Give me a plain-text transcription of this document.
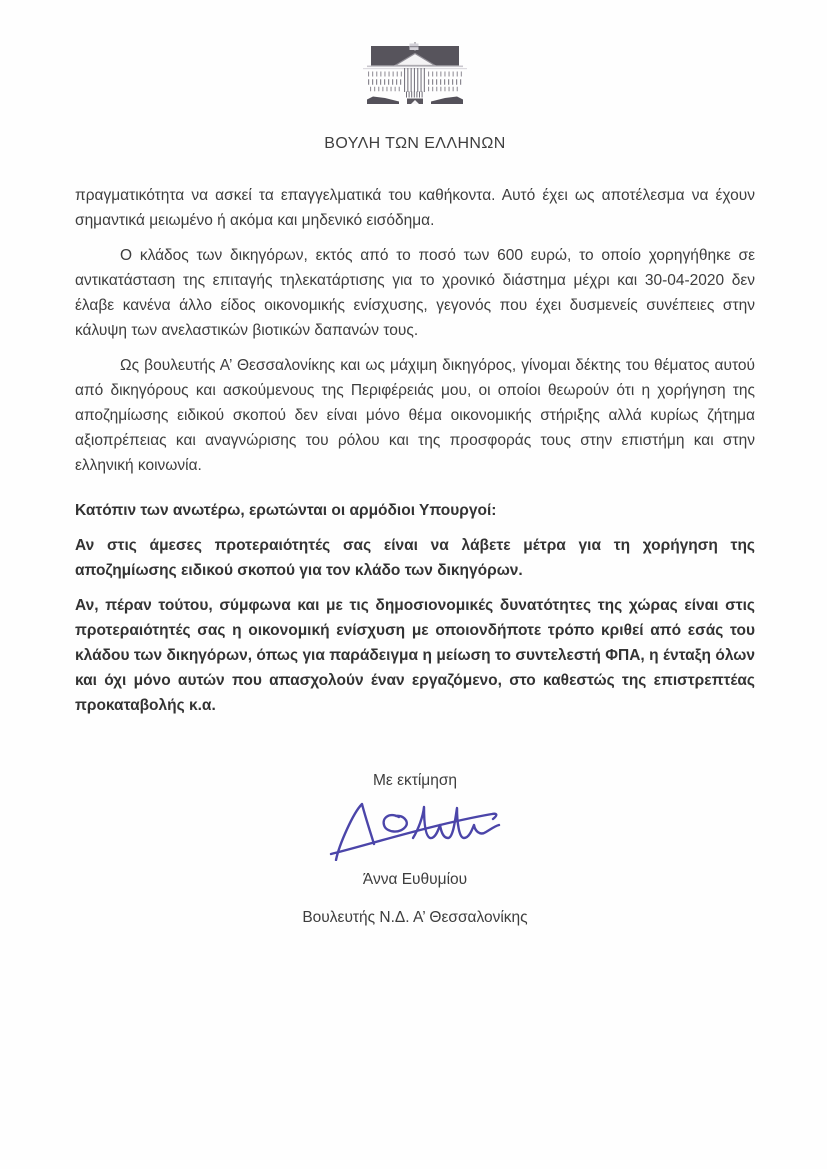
ΒΟΥΛΗ ΤΩΝ ΕΛΛΗΝΩΝ

πραγματικότητα να ασκεί τα επαγγελματικά του καθήκοντα. Αυτό έχει ως αποτέλεσμα να έχουν σημαντικά μειωμένο ή ακόμα και μηδενικό εισόδημα.

Ο κλάδος των δικηγόρων, εκτός από το ποσό των 600 ευρώ, το οποίο χορηγήθηκε σε αντικατάσταση της επιταγής τηλεκατάρτισης για το χρονικό διάστημα μέχρι και 30-04-2020 δεν έλαβε κανένα άλλο είδος οικονομικής ενίσχυσης, γεγονός που έχει δυσμενείς συνέπειες στην κάλυψη των ανελαστικών βιοτικών δαπανών τους.

Ως βουλευτής Α’ Θεσσαλονίκης και ως μάχιμη δικηγόρος, γίνομαι δέκτης του θέματος αυτού από δικηγόρους και ασκούμενους της Περιφέρειάς μου, οι οποίοι θεωρούν ότι η χορήγηση της αποζημίωσης ειδικού σκοπού δεν είναι μόνο θέμα οικονομικής στήριξης αλλά κυρίως ζήτημα αξιοπρέπειας και αναγνώρισης του ρόλου και της προσφοράς τους στην επιστήμη και στην ελληνική κοινωνία.

Κατόπιν των ανωτέρω, ερωτώνται οι αρμόδιοι Υπουργοί:

Αν στις άμεσες προτεραιότητές σας είναι να λάβετε μέτρα για τη χορήγηση της αποζημίωσης ειδικού σκοπού για τον κλάδο των δικηγόρων.

Αν, πέραν τούτου, σύμφωνα και με τις δημοσιονομικές δυνατότητες της χώρας είναι στις προτεραιότητές σας η οικονομική ενίσχυση με οποιονδήποτε τρόπο κριθεί από εσάς του κλάδου των δικηγόρων, όπως για παράδειγμα η μείωση το συντελεστή ΦΠΑ, η ένταξη όλων και όχι μόνο αυτών που απασχολούν έναν εργαζόμενο, στο καθεστώς της επιστρεπτέας προκαταβολής κ.α.

Με εκτίμηση
Άννα Ευθυμίου
Βουλευτής Ν.Δ. Α’ Θεσσαλονίκης
